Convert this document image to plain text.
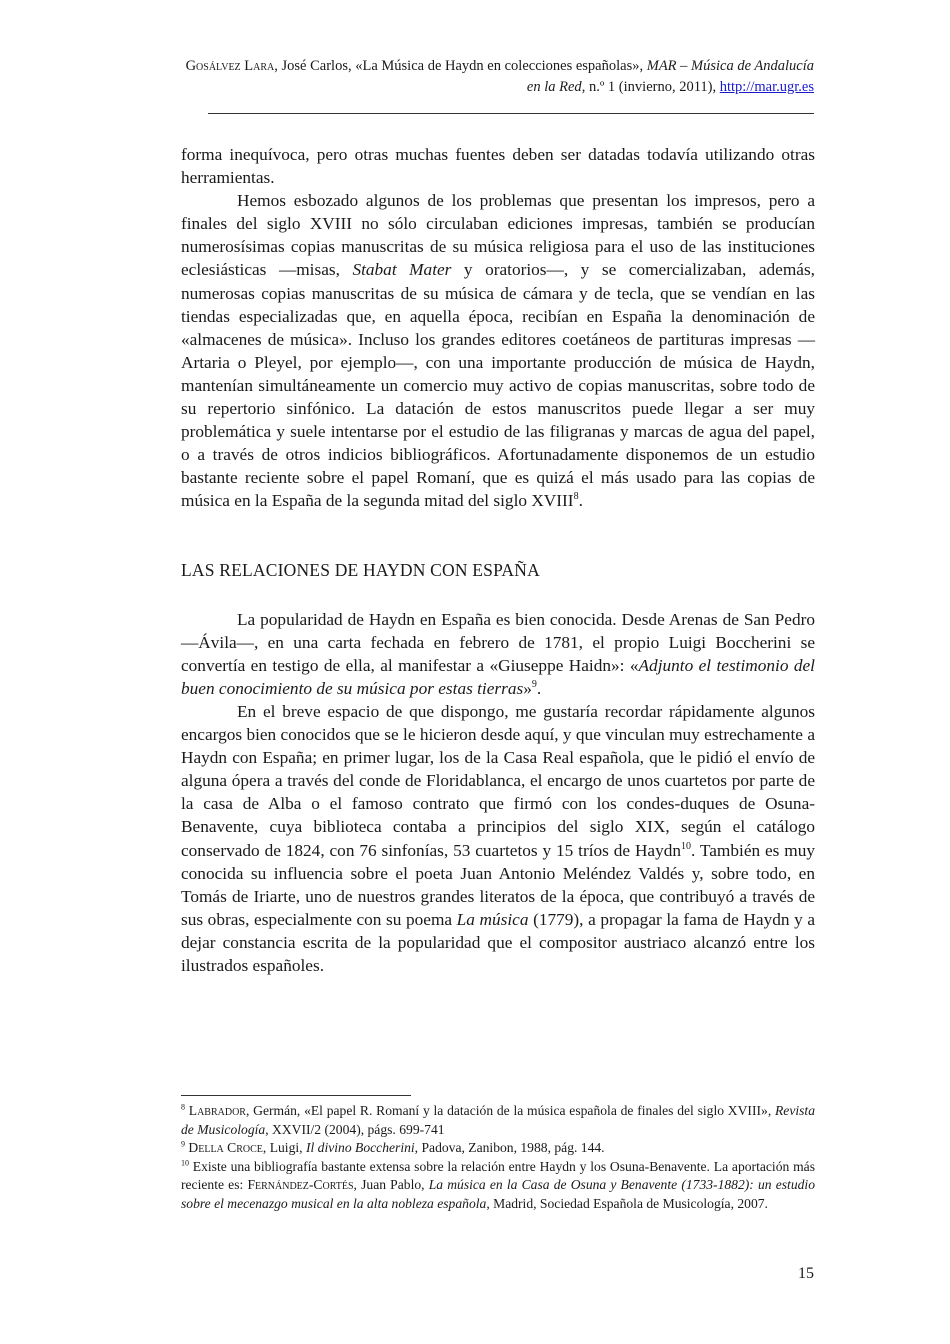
Gosálvez Lara, José Carlos, «La Música de Haydn en colecciones españolas», MAR – Música de Andalucía en la Red, n.º 1 (invierno, 2011), http://mar.ugr.es

forma inequívoca, pero otras muchas fuentes deben ser datadas todavía utilizando otras herramientas.

Hemos esbozado algunos de los problemas que presentan los impresos, pero a finales del siglo XVIII no sólo circulaban ediciones impresas, también se producían numerosísimas copias manuscritas de su música religiosa para el uso de las instituciones eclesiásticas —misas, Stabat Mater y oratorios—, y se comercializaban, además, numerosas copias manuscritas de su música de cámara y de tecla, que se vendían en las tiendas especializadas que, en aquella época, recibían en España la denominación de «almacenes de música». Incluso los grandes editores coetáneos de partituras impresas —Artaria o Pleyel, por ejemplo—, con una importante producción de música de Haydn, mantenían simultáneamente un comercio muy activo de copias manuscritas, sobre todo de su repertorio sinfónico. La datación de estos manuscritos puede llegar a ser muy problemática y suele intentarse por el estudio de las filigranas y marcas de agua del papel, o a través de otros indicios bibliográficos. Afortunadamente disponemos de un estudio bastante reciente sobre el papel Romaní, que es quizá el más usado para las copias de música en la España de la segunda mitad del siglo XVIII$^8$.

LAS RELACIONES DE HAYDN CON ESPAÑA

La popularidad de Haydn en España es bien conocida. Desde Arenas de San Pedro —Ávila—, en una carta fechada en febrero de 1781, el propio Luigi Boccherini se convertía en testigo de ella, al manifestar a «Giuseppe Haidn»: «Adjunto el testimonio del buen conocimiento de su música por estas tierras»$^9$.

En el breve espacio de que dispongo, me gustaría recordar rápidamente algunos encargos bien conocidos que se le hicieron desde aquí, y que vinculan muy estrechamente a Haydn con España; en primer lugar, los de la Casa Real española, que le pidió el envío de alguna ópera a través del conde de Floridablanca, el encargo de unos cuartetos por parte de la casa de Alba o el famoso contrato que firmó con los condes-duques de Osuna-Benavente, cuya biblioteca contaba a principios del siglo XIX, según el catálogo conservado de 1824, con 76 sinfonías, 53 cuartetos y 15 tríos de Haydn$^{10}$. También es muy conocida su influencia sobre el poeta Juan Antonio Meléndez Valdés y, sobre todo, en Tomás de Iriarte, uno de nuestros grandes literatos de la época, que contribuyó a través de sus obras, especialmente con su poema La música (1779), a propagar la fama de Haydn y a dejar constancia escrita de la popularidad que el compositor austriaco alcanzó entre los ilustrados españoles.

$^8$ Labrador, Germán, «El papel R. Romaní y la datación de la música española de finales del siglo XVIII», Revista de Musicología, XXVII/2 (2004), págs. 699-741

$^9$ Della Croce, Luigi, Il divino Boccherini, Padova, Zanibon, 1988, pág. 144.

$^{10}$ Existe una bibliografía bastante extensa sobre la relación entre Haydn y los Osuna-Benavente. La aportación más reciente es: Fernández-Cortés, Juan Pablo, La música en la Casa de Osuna y Benavente (1733-1882): un estudio sobre el mecenazgo musical en la alta nobleza española, Madrid, Sociedad Española de Musicología, 2007.

15
